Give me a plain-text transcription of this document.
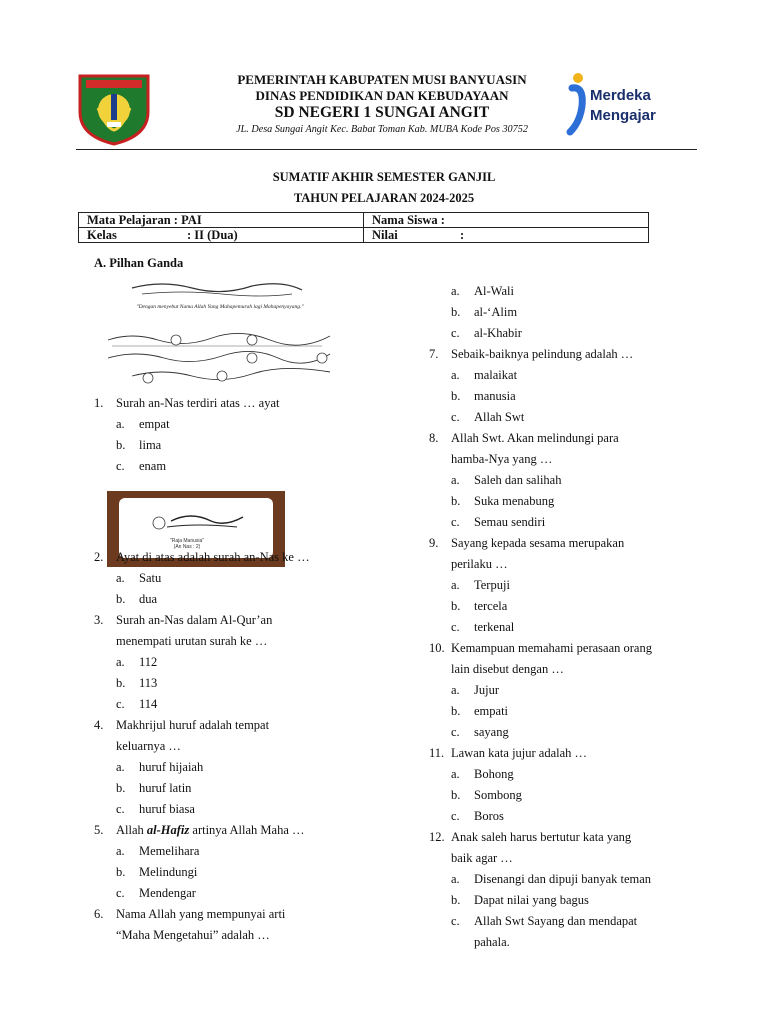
PEMERINTAH KABUPATEN MUSI BANYUASIN
DINAS PENDIDIKAN DAN KEBUDAYAAN
SD NEGERI 1 SUNGAI ANGIT
JL. Desa Sungai Angit Kec. Babat Toman Kab. MUBA Kode Pos 30752
Merdeka
Mengajar
SUMATIF AKHIR SEMESTER GANJIL
TAHUN PELAJARAN 2024-2025
Mata Pelajaran : PAI	Nama Siswa :
Kelas : II (Dua)	Nilai :
A. Pilhan Ganda
"Dengan menyebut Nama Allah Yang Mahapemurah lagi Mahapenyayang."
"Raja Manusia"
(An Nas : 2)
1. Surah an-Nas terdiri atas … ayat
a. empat
b. lima
c. enam
2. Ayat di atas adalah surah an-Nas ke …
a. Satu
b. dua
3. Surah an-Nas dalam Al-Qur’an
menempati urutan surah ke …
a. 112
b. 113
c. 114
4. Makhrijul huruf adalah tempat
keluarnya …
a. huruf hijaiah
b. huruf latin
c. huruf biasa
5. Allah al-Hafiz artinya Allah Maha …
a. Memelihara
b. Melindungi
c. Mendengar
6. Nama Allah yang mempunyai arti
“Maha Mengetahui” adalah …
a. Al-Wali
b. al-‘Alim
c. al-Khabir
7. Sebaik-baiknya pelindung adalah …
a. malaikat
b. manusia
c. Allah Swt
8. Allah Swt. Akan melindungi para
hamba-Nya yang …
a. Saleh dan salihah
b. Suka menabung
c. Semau sendiri
9. Sayang kepada sesama merupakan
perilaku …
a. Terpuji
b. tercela
c. terkenal
10. Kemampuan memahami perasaan orang
lain disebut dengan …
a. Jujur
b. empati
c. sayang
11. Lawan kata jujur adalah …
a. Bohong
b. Sombong
c. Boros
12. Anak saleh harus bertutur kata yang
baik agar …
a. Disenangi dan dipuji banyak teman
b. Dapat nilai yang bagus
c. Allah Swt Sayang dan mendapat
pahala.
